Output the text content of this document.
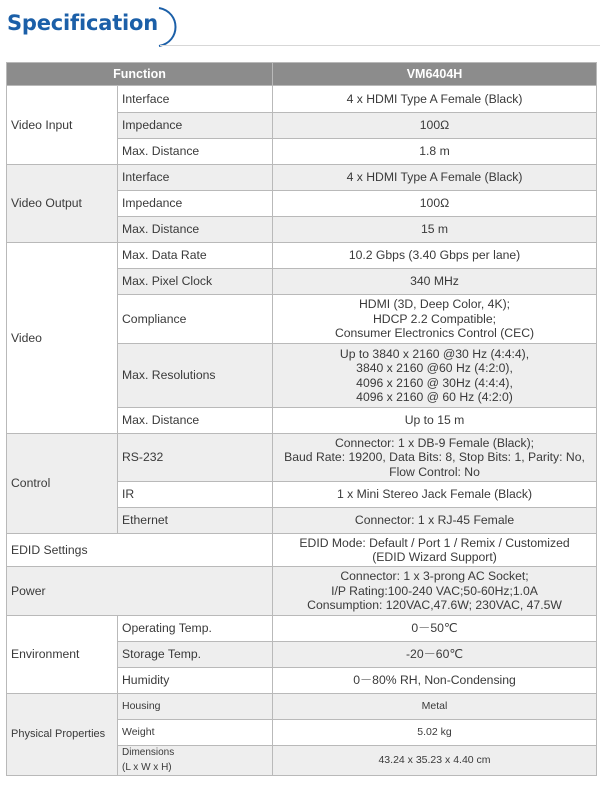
Specification
Function		VM6404H
Video Input	Interface	4 x HDMI Type A Female (Black)
	Impedance	100Ω
	Max. Distance	1.8 m
Video Output	Interface	4 x HDMI Type A Female (Black)
	Impedance	100Ω
	Max. Distance	15 m
Video	Max. Data Rate	10.2 Gbps (3.40 Gbps per lane)
	Max. Pixel Clock	340 MHz
	Compliance	HDMI (3D, Deep Color, 4K);
HDCP 2.2 Compatible;
Consumer Electronics Control (CEC)

	Max. Resolutions	Up to 3840 x 2160 @30 Hz (4:4:4),
3840 x 2160 @60 Hz (4:2:0),
4096 x 2160 @ 30Hz (4:4:4),
4096 x 2160 @ 60 Hz (4:2:0)

	Max. Distance	Up to 15 m
Control	RS-232	Connector: 1 x DB-9 Female (Black);
Baud Rate: 19200, Data Bits: 8, Stop Bits: 1, Parity: No,
Flow Control: No

	IR	1 x Mini Stereo Jack Female (Black)
	Ethernet	Connector: 1 x RJ-45 Female
EDID Settings		EDID Mode: Default / Port 1 / Remix / Customized
(EDID Wizard Support)

Power		Connector: 1 x 3-prong AC Socket;
I/P Rating:100-240 VAC;50-60Hz;1.0A
Consumption: 120VAC,47.6W; 230VAC, 47.5W

Environment	Operating Temp.	0－50℃
	Storage Temp.	-20－60℃
	Humidity	0－80% RH, Non-Condensing
Physical Properties	Housing	Metal
	Weight	5.02 kg

	Dimensions
(L x W x H)	43.24 x 35.23 x 4.40 cm
